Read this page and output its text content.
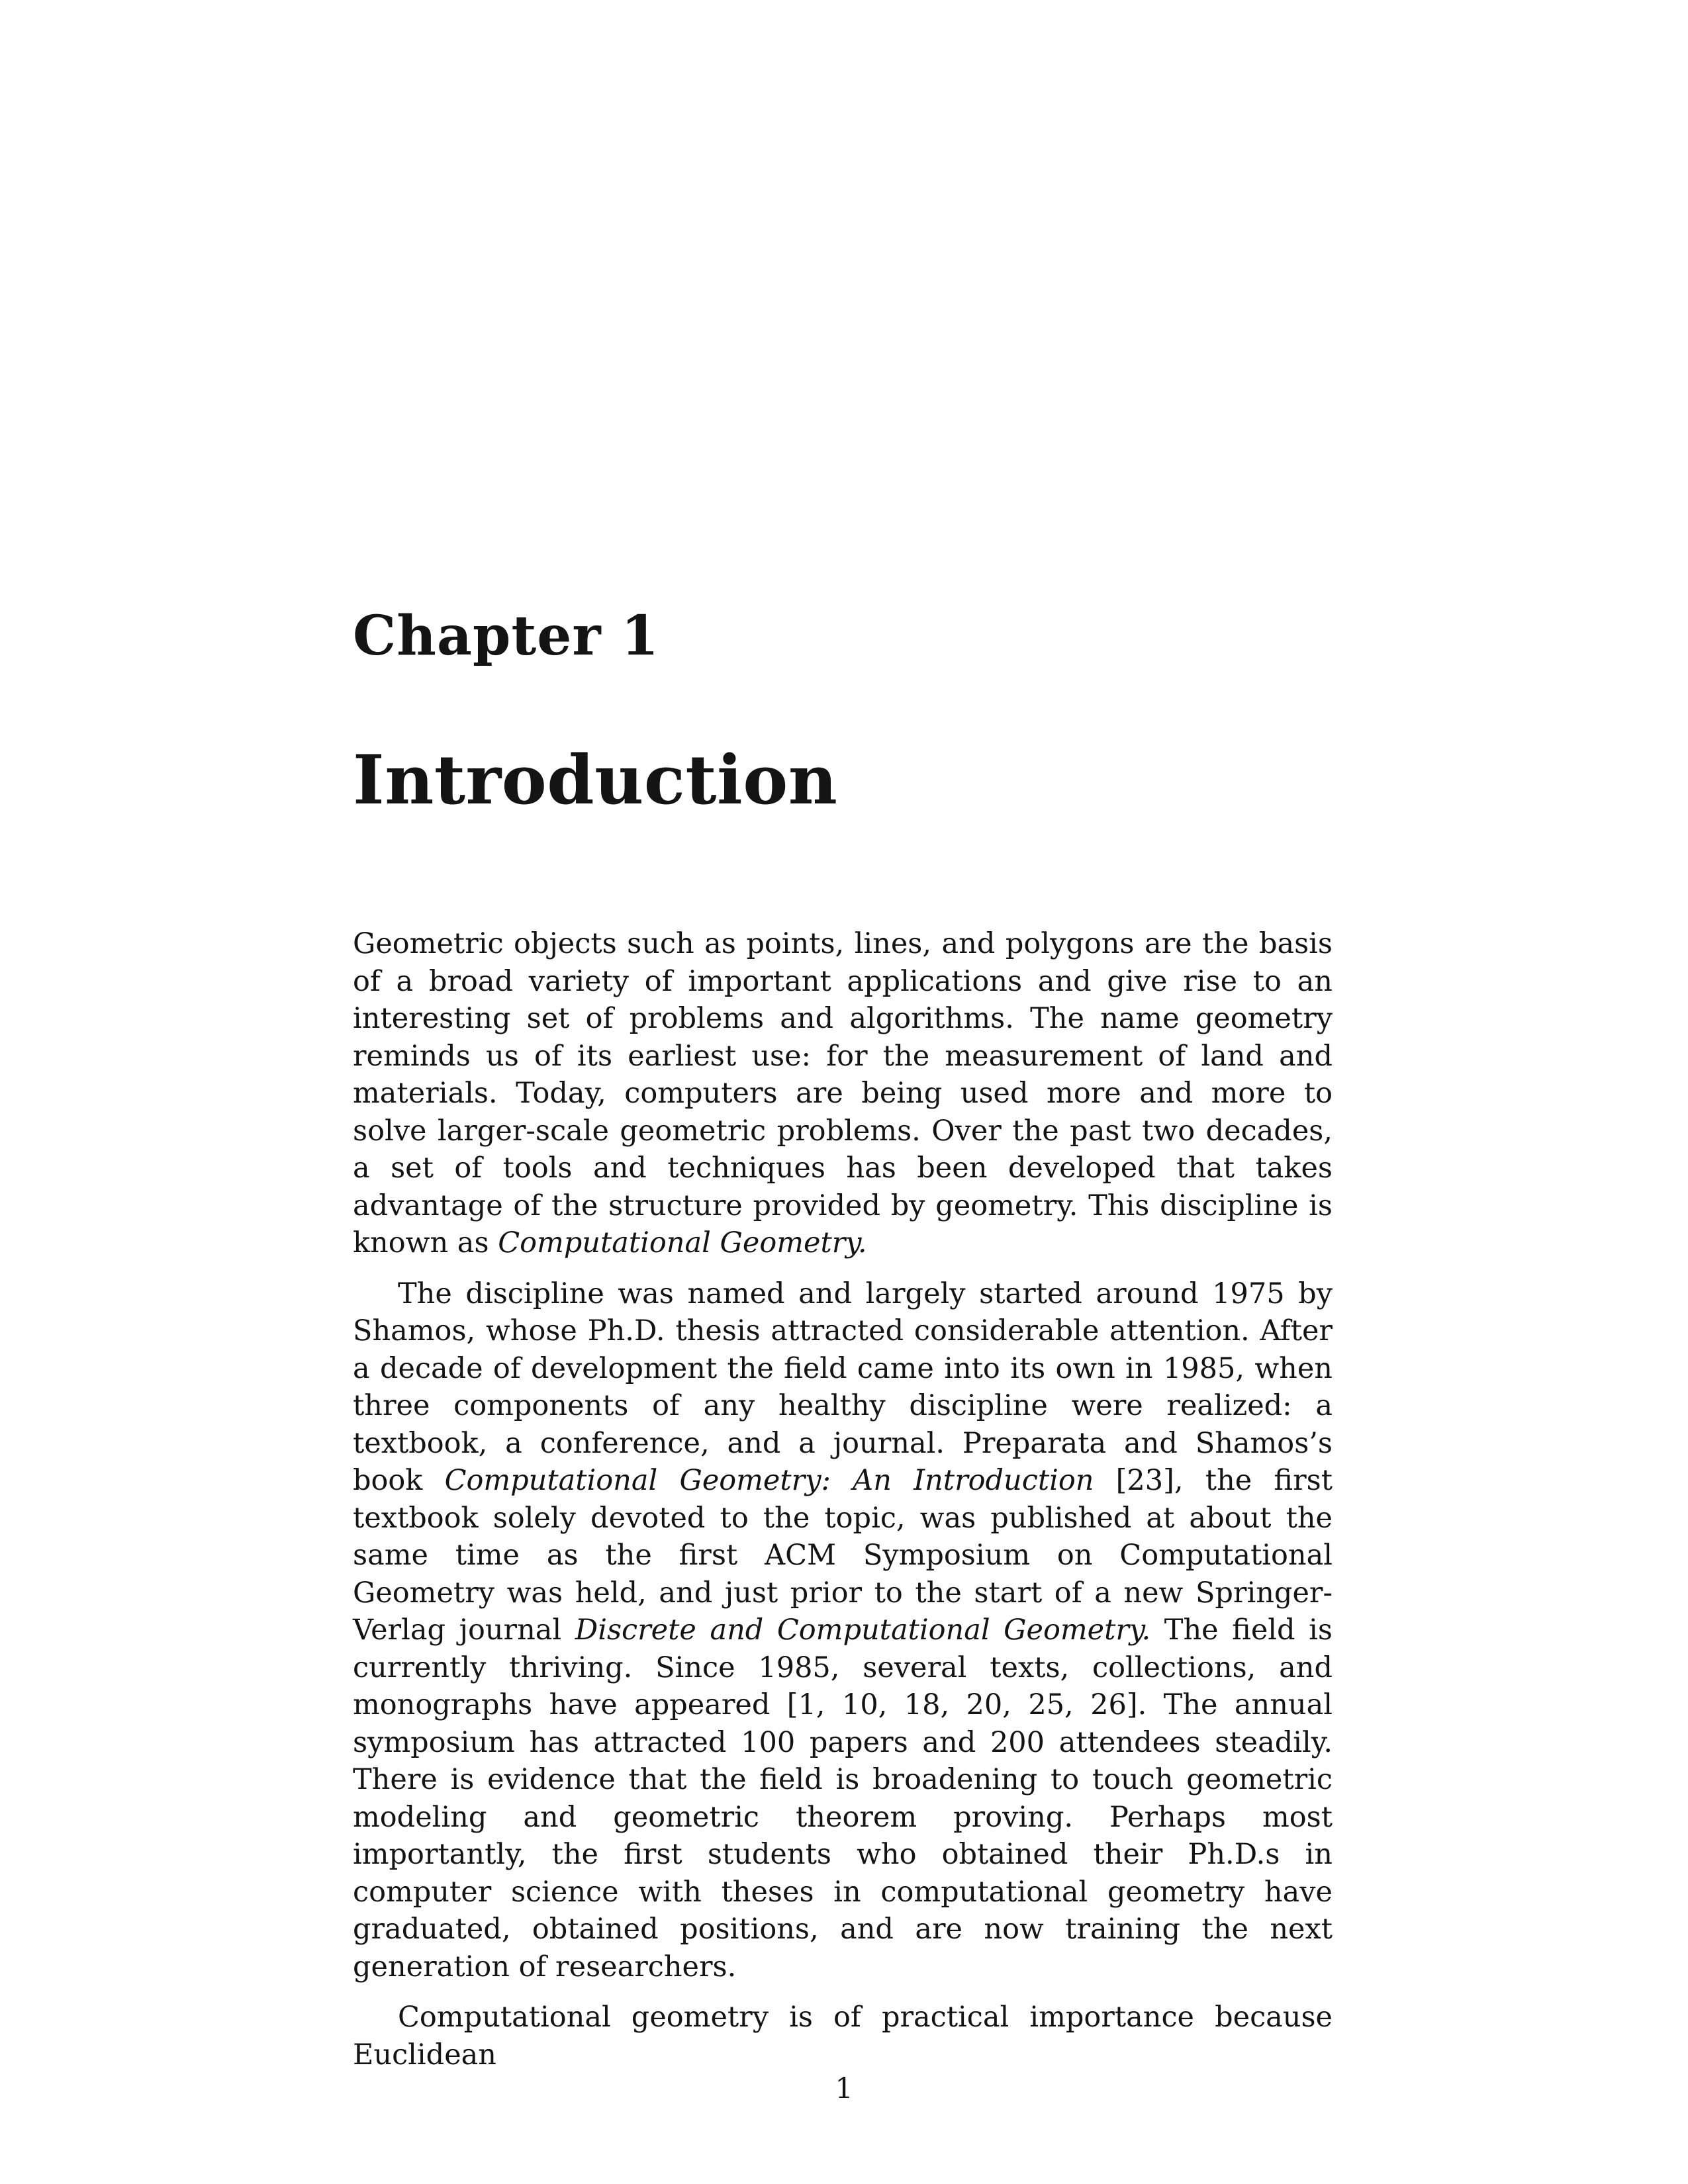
Chapter 1
Introduction

Geometric objects such as points, lines, and polygons are the basis of a broad variety of important applications and give rise to an interesting set of problems and algorithms. The name geometry reminds us of its earliest use: for the measurement of land and materials. Today, computers are being used more and more to solve larger-scale geometric problems. Over the past two decades, a set of tools and techniques has been developed that takes advantage of the structure provided by geometry. This discipline is known as Computational Geometry.

The discipline was named and largely started around 1975 by Shamos, whose Ph.D. thesis attracted considerable attention. After a decade of development the field came into its own in 1985, when three components of any healthy discipline were realized: a textbook, a conference, and a journal. Preparata and Shamos’s book Computational Geometry: An Introduction [23], the first textbook solely devoted to the topic, was published at about the same time as the first ACM Symposium on Computational Geometry was held, and just prior to the start of a new Springer-Verlag journal Discrete and Computational Geometry. The field is currently thriving. Since 1985, several texts, collections, and monographs have appeared [1, 10, 18, 20, 25, 26]. The annual symposium has attracted 100 papers and 200 attendees steadily. There is evidence that the field is broadening to touch geometric modeling and geometric theorem proving. Perhaps most importantly, the first students who obtained their Ph.D.s in computer science with theses in computational geometry have graduated, obtained positions, and are now training the next generation of researchers.

Computational geometry is of practical importance because Euclidean

1
